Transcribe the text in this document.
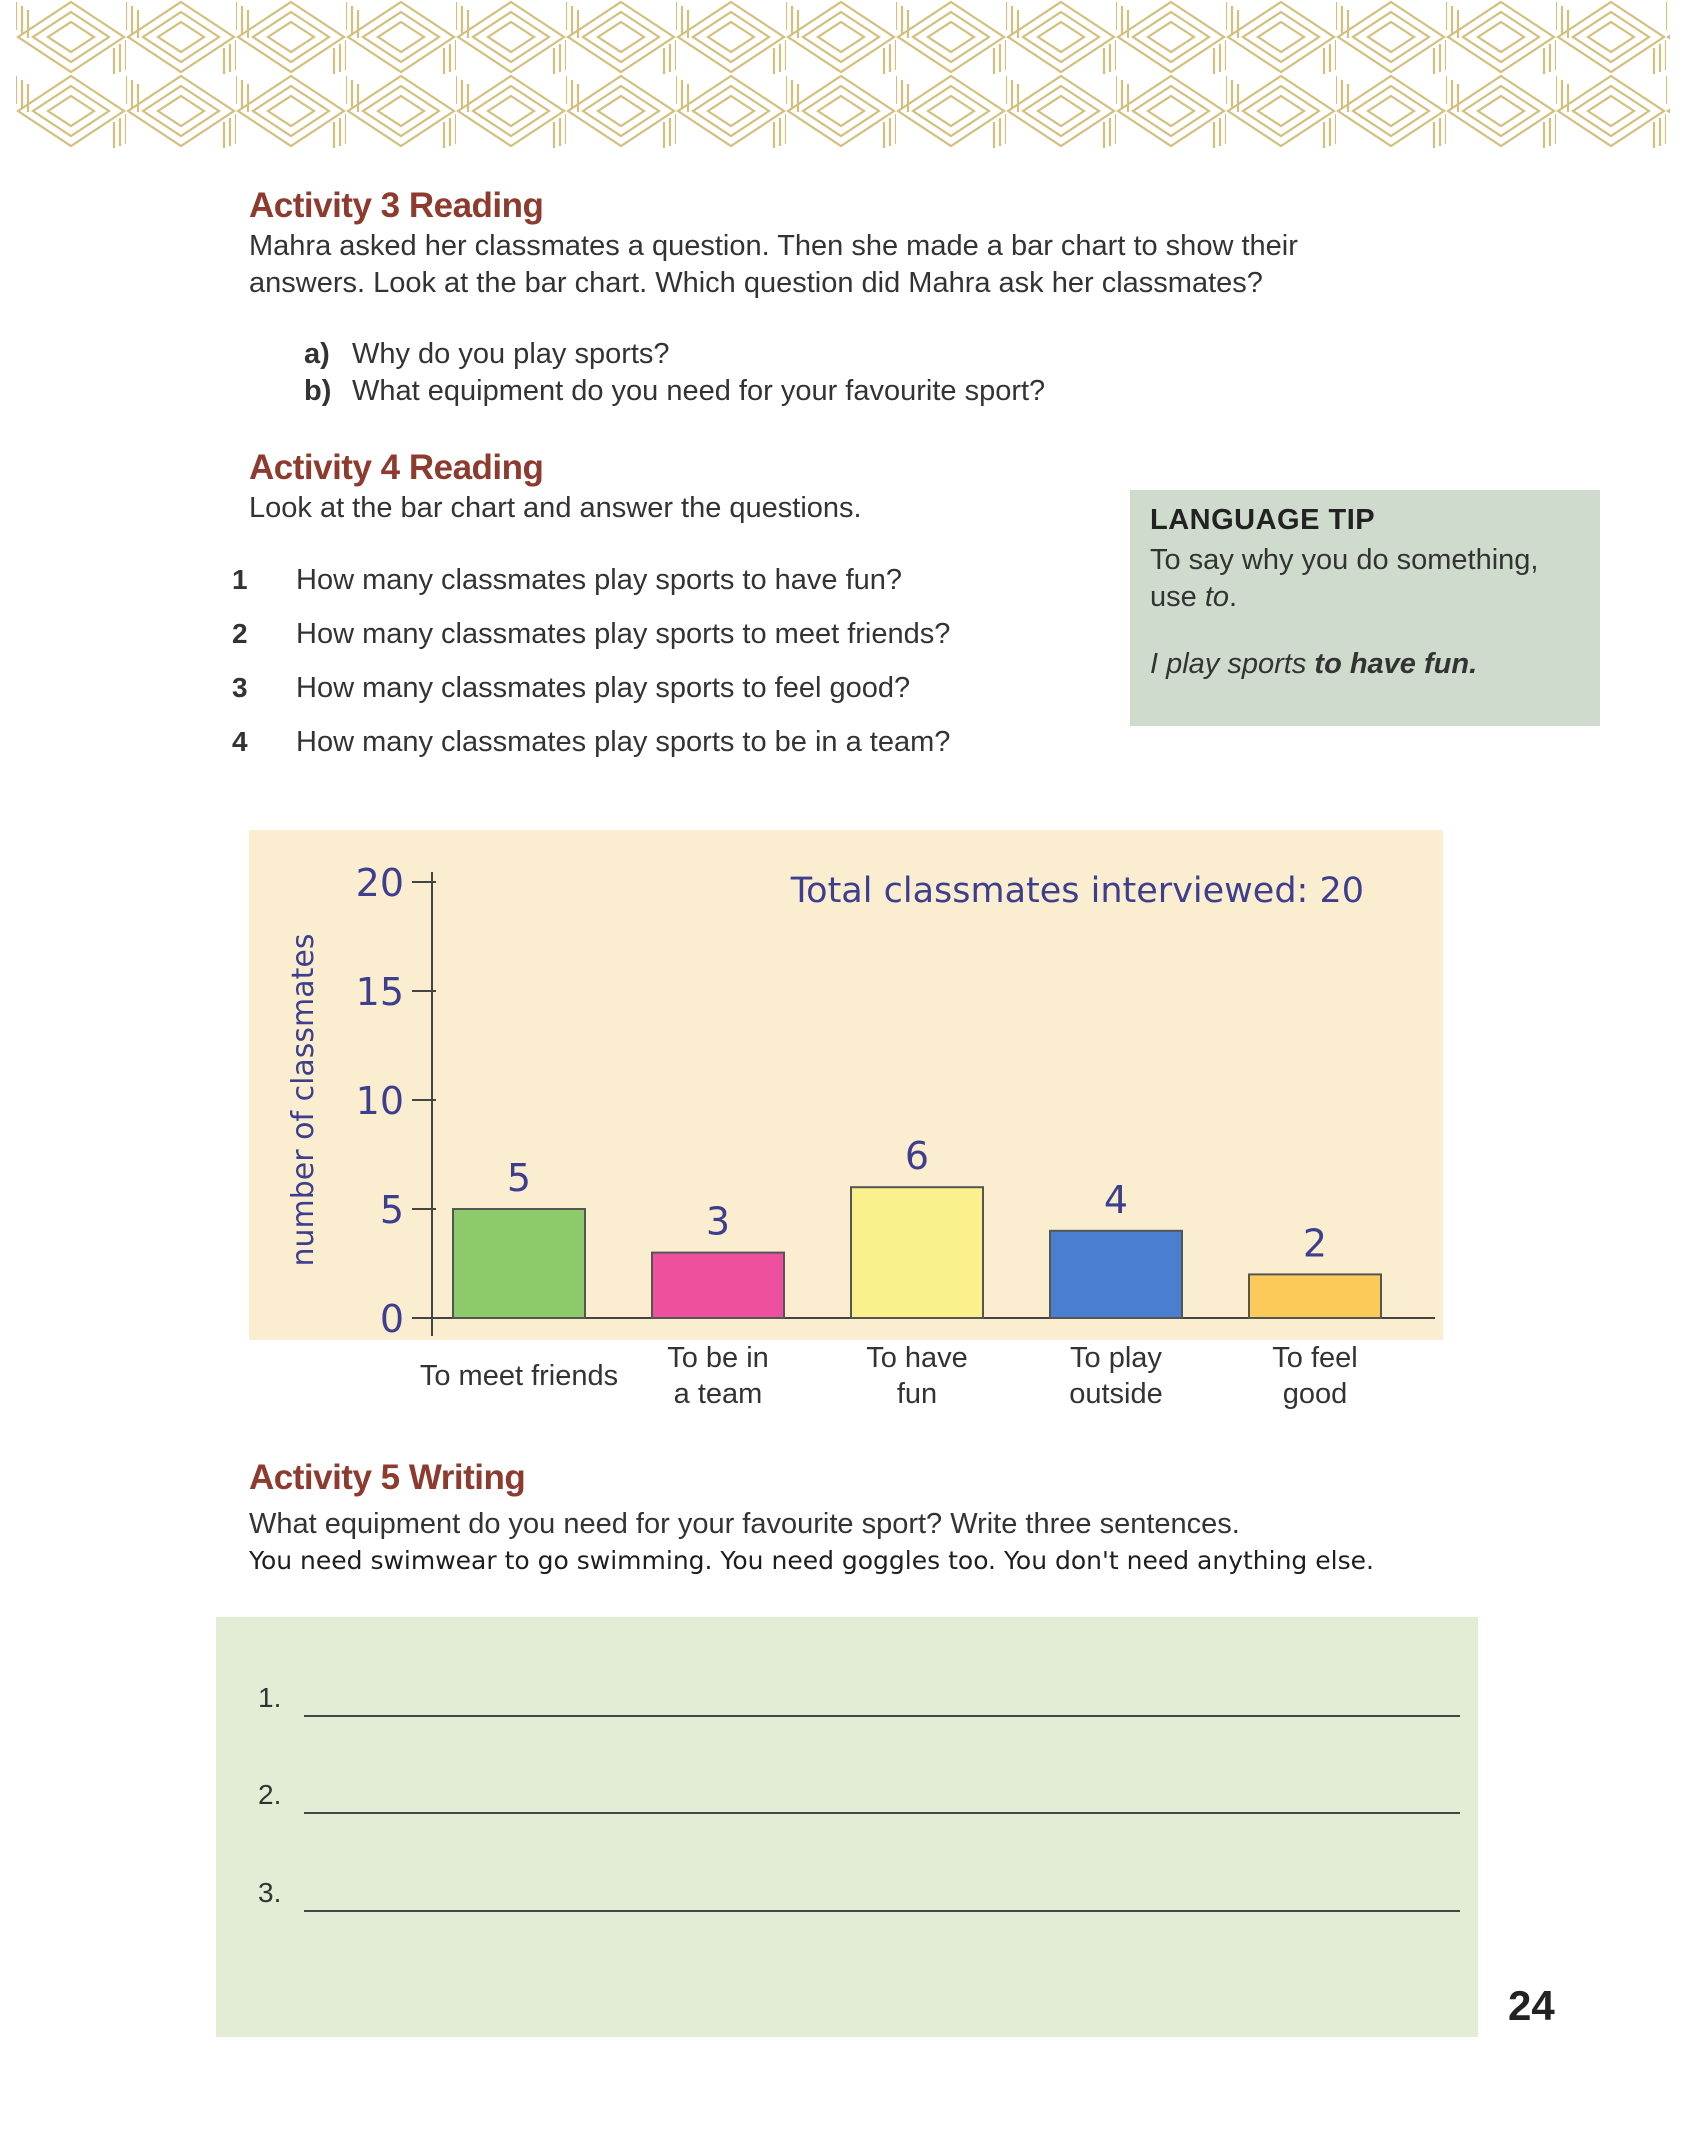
Activity 3 Reading
Mahra asked her classmates a question. Then she made a bar chart to show their
answers. Look at the bar chart. Which question did Mahra ask her classmates?
a) Why do you play sports?
b) What equipment do you need for your favourite sport?
Activity 4 Reading
Look at the bar chart and answer the questions.
1	How many classmates play sports to have fun?
2	How many classmates play sports to meet friends?
3	How many classmates play sports to feel good?
4	How many classmates play sports to be in a team?
LANGUAGE TIP
To say why you do something, use to.
I play sports to have fun.
0
5
10
15
20
number of classmates
Total classmates interviewed: 20
5
3
6
4
2
To meet friends
To be in
a team
To have
fun
To play
outside
To feel
good
Activity 5 Writing
What equipment do you need for your favourite sport? Write three sentences.
You need swimwear to go swimming. You need goggles too. You don't need anything else.
1.
2.
3.
24
